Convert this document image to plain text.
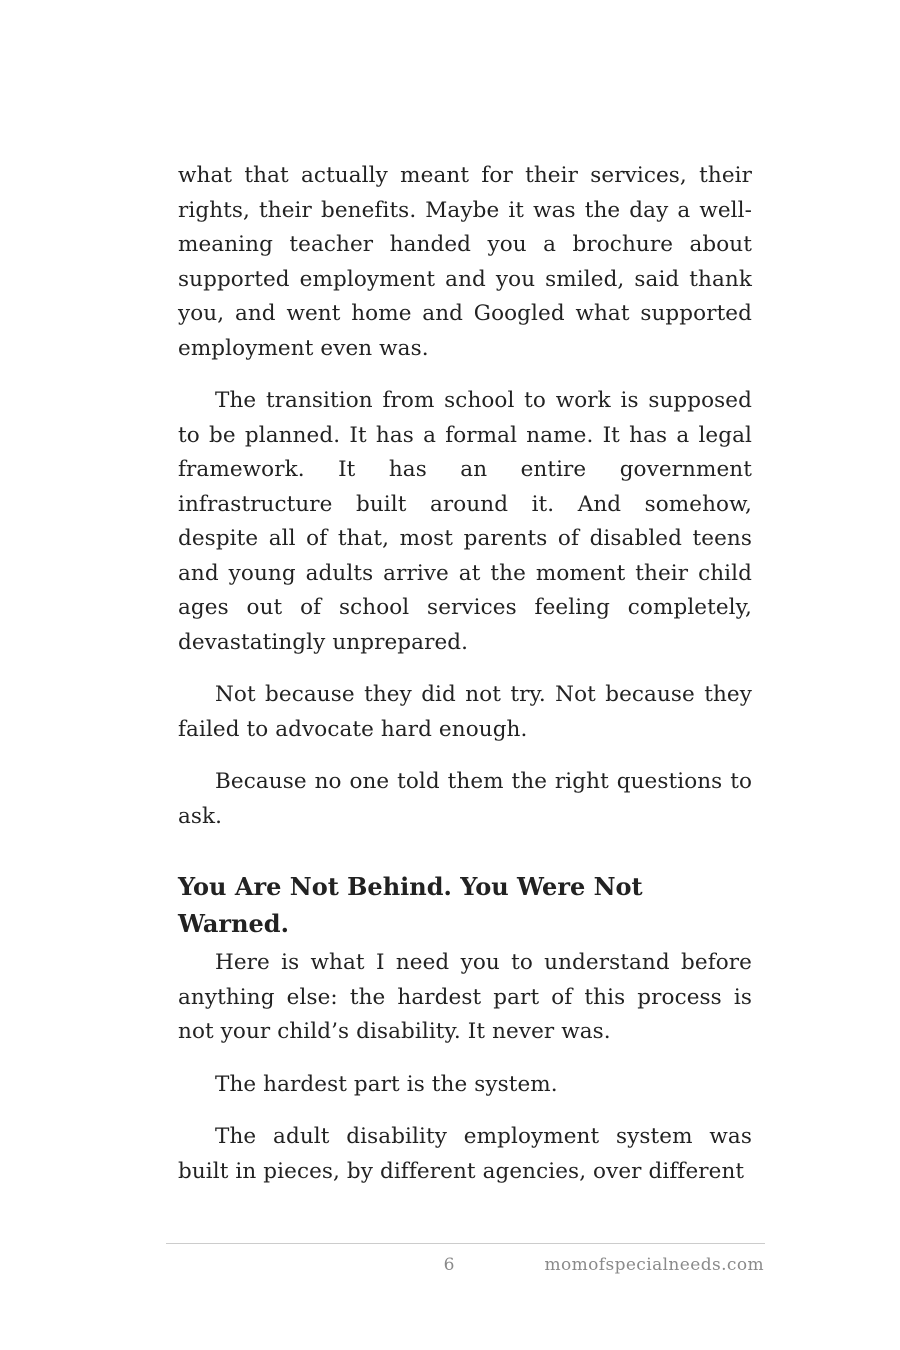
what that actually meant for their services, their rights, their benefits. Maybe it was the day a well-meaning teacher handed you a brochure about supported employment and you smiled, said thank you, and went home and Googled what supported employment even was.

The transition from school to work is supposed to be planned. It has a formal name. It has a legal framework. It has an entire government infrastructure built around it. And somehow, despite all of that, most parents of disabled teens and young adults arrive at the moment their child ages out of school services feeling completely, devastatingly unprepared.

Not because they did not try. Not because they failed to advocate hard enough.

Because no one told them the right questions to ask.

You Are Not Behind. You Were Not Warned.

Here is what I need you to understand before anything else: the hardest part of this process is not your child’s disability. It never was.

The hardest part is the system.

The adult disability employment system was built in pieces, by different agencies, over different

6	momofspecialneeds.com
